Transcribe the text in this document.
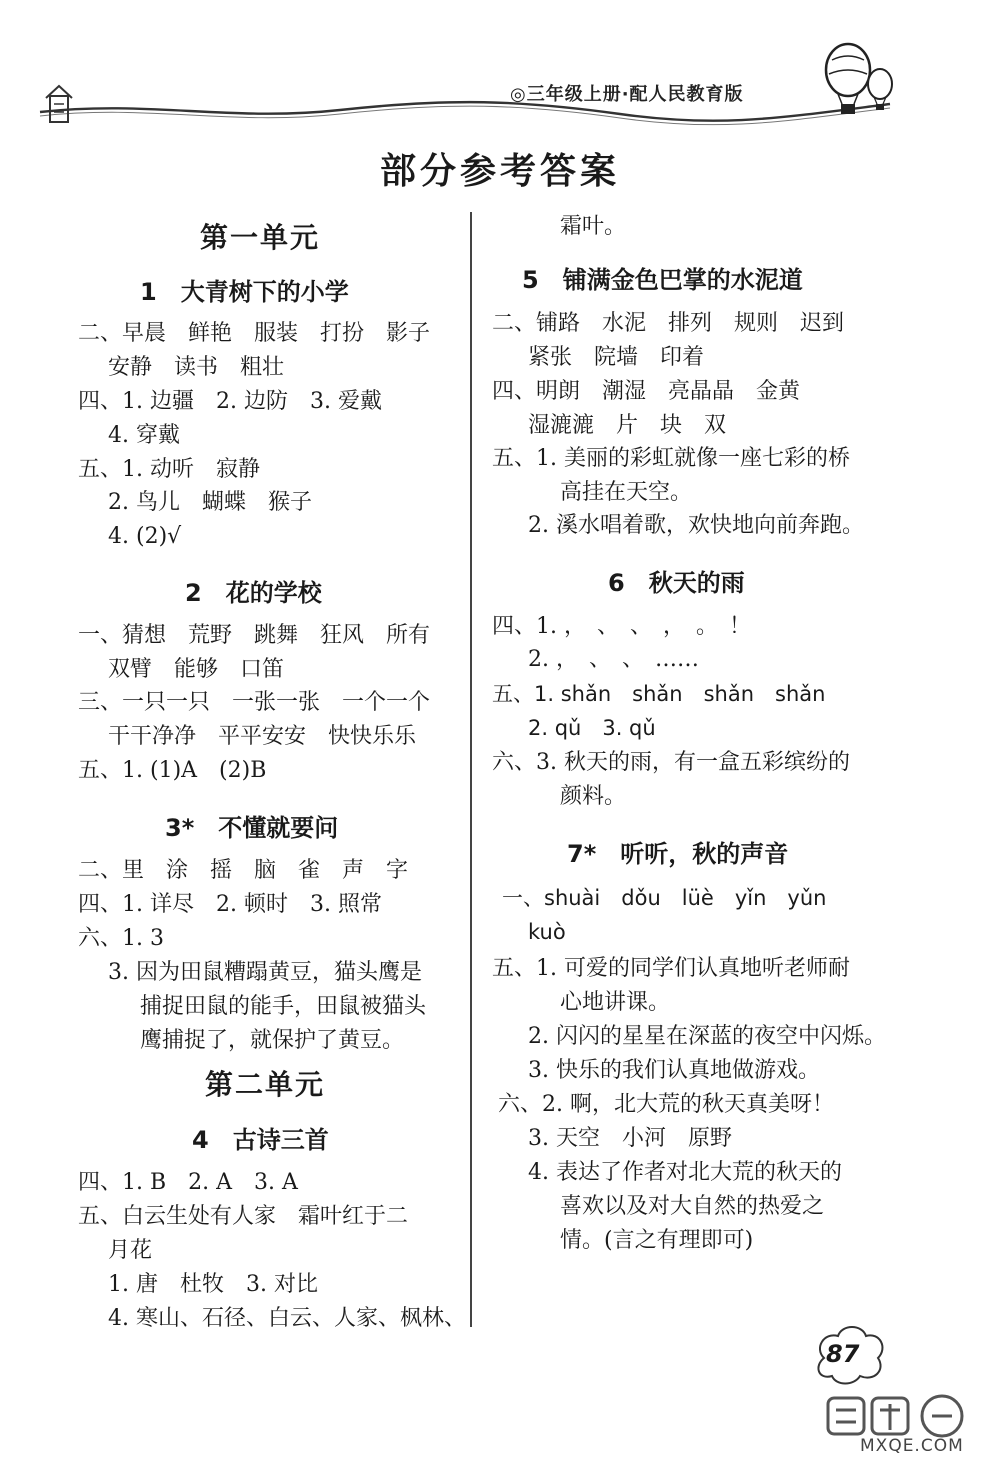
◎三年级上册·配人民教育版
部分参考答案
第一单元
1　大青树下的小学
二、早晨　鲜艳　服装　打扮　影子
安静　读书　粗壮
四、1. 边疆　2. 边防　3. 爱戴
4. 穿戴
五、1. 动听　寂静
2. 鸟儿　蝴蝶　猴子
4. (2)√
2　花的学校
一、猜想　荒野　跳舞　狂风　所有
双臂　能够　口笛
三、一只一只　一张一张　一个一个
干干净净　平平安安　快快乐乐
五、1. (1)A　(2)B
3*　不懂就要问
二、里　涂　摇　脑　雀　声　字
四、1. 详尽　2. 顿时　3. 照常
六、1. 3
3. 因为田鼠糟蹋黄豆，猫头鹰是
捕捉田鼠的能手，田鼠被猫头
鹰捕捉了，就保护了黄豆。
第二单元
4　古诗三首
四、1. B　2. A　3. A
五、白云生处有人家　霜叶红于二
月花
1. 唐　杜牧　3. 对比
4. 寒山、石径、白云、人家、枫林、
霜叶。
5　铺满金色巴掌的水泥道
二、铺路　水泥　排列　规则　迟到
紧张　院墙　印着
四、明朗　潮湿　亮晶晶　金黄
湿漉漉　片　块　双
五、1. 美丽的彩虹就像一座七彩的桥
高挂在天空。
2. 溪水唱着歌，欢快地向前奔跑。
6　秋天的雨
四、1. ，　、　、　，　。　！
2. ，　、　、　……
五、1. shǎn　shǎn　shǎn　shǎn
2. qǔ　3. qǔ
六、3. 秋天的雨，有一盒五彩缤纷的
颜料。
7*　听听，秋的声音
一、shuài　dǒu　lüè　yǐn　yǔn
kuò
五、1. 可爱的同学们认真地听老师耐
心地讲课。
2. 闪闪的星星在深蓝的夜空中闪烁。
3. 快乐的我们认真地做游戏。
六、2. 啊，北大荒的秋天真美呀！
3. 天空　小河　原野
4. 表达了作者对北大荒的秋天的
喜欢以及对大自然的热爱之
情。(言之有理即可)
87
MXQE.COM
